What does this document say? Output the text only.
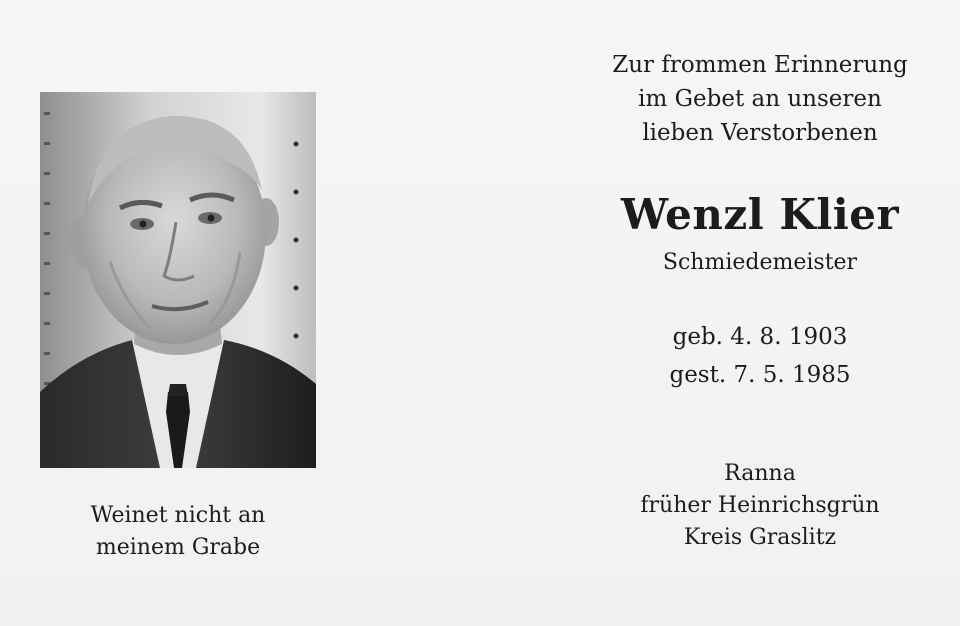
Weinet nicht an
meinem Grabe
Zur frommen Erinnerung
im Gebet an unseren
lieben Verstorbenen
Wenzl Klier
Schmiedemeister
geb. 4. 8. 1903
gest. 7. 5. 1985
Ranna
früher Heinrichsgrün
Kreis Graslitz
